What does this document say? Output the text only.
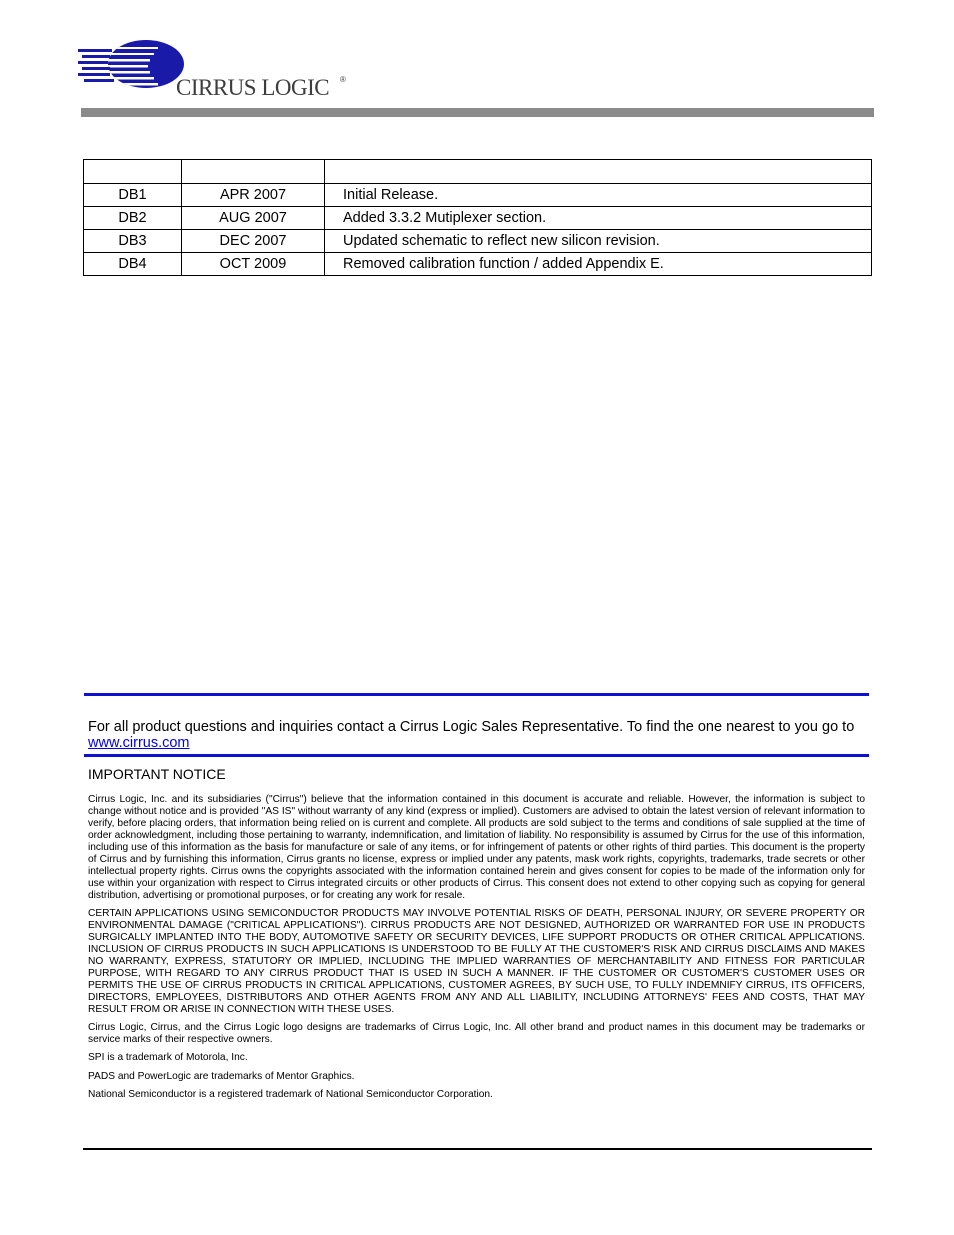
CIRRUS LOGIC ®

DB1	APR 2007	Initial Release.
DB2	AUG 2007	Added 3.3.2 Mutiplexer section.
DB3	DEC 2007	Updated schematic to reflect new silicon revision.
DB4	OCT 2009	Removed calibration function / added Appendix E.
For all product questions and inquiries contact a Cirrus Logic Sales Representative. To find the one nearest to you go to www.cirrus.com
IMPORTANT NOTICE

Cirrus Logic, Inc. and its subsidiaries ("Cirrus") believe that the information contained in this document is accurate and reliable. However, the information is subject to change without notice and is provided "AS IS" without warranty of any kind (express or implied). Customers are advised to obtain the latest version of relevant information to verify, before placing orders, that information being relied on is current and complete. All products are sold subject to the terms and conditions of sale supplied at the time of order acknowledgment, including those pertaining to warranty, indemnification, and limitation of liability. No responsibility is assumed by Cirrus for the use of this information, including use of this information as the basis for manufacture or sale of any items, or for infringement of patents or other rights of third parties. This document is the property of Cirrus and by furnishing this information, Cirrus grants no license, express or implied under any patents, mask work rights, copyrights, trademarks, trade secrets or other intellectual property rights. Cirrus owns the copyrights associated with the information contained herein and gives consent for copies to be made of the information only for use within your organization with respect to Cirrus integrated circuits or other products of Cirrus. This consent does not extend to other copying such as copying for general distribution, advertising or promotional purposes, or for creating any work for resale.

CERTAIN APPLICATIONS USING SEMICONDUCTOR PRODUCTS MAY INVOLVE POTENTIAL RISKS OF DEATH, PERSONAL INJURY, OR SEVERE PROPERTY OR ENVIRONMENTAL DAMAGE ("CRITICAL APPLICATIONS"). CIRRUS PRODUCTS ARE NOT DESIGNED, AUTHORIZED OR WARRANTED FOR USE IN PRODUCTS SURGICALLY IMPLANTED INTO THE BODY, AUTOMOTIVE SAFETY OR SECURITY DEVICES, LIFE SUPPORT PRODUCTS OR OTHER CRITICAL APPLICATIONS. INCLUSION OF CIRRUS PRODUCTS IN SUCH APPLICATIONS IS UNDERSTOOD TO BE FULLY AT THE CUSTOMER'S RISK AND CIRRUS DISCLAIMS AND MAKES NO WARRANTY, EXPRESS, STATUTORY OR IMPLIED, INCLUDING THE IMPLIED WARRANTIES OF MERCHANTABILITY AND FITNESS FOR PARTICULAR PURPOSE, WITH REGARD TO ANY CIRRUS PRODUCT THAT IS USED IN SUCH A MANNER. IF THE CUSTOMER OR CUSTOMER'S CUSTOMER USES OR PERMITS THE USE OF CIRRUS PRODUCTS IN CRITICAL APPLICATIONS, CUSTOMER AGREES, BY SUCH USE, TO FULLY INDEMNIFY CIRRUS, ITS OFFICERS, DIRECTORS, EMPLOYEES, DISTRIBUTORS AND OTHER AGENTS FROM ANY AND ALL LIABILITY, INCLUDING ATTORNEYS' FEES AND COSTS, THAT MAY RESULT FROM OR ARISE IN CONNECTION WITH THESE USES.

Cirrus Logic, Cirrus, and the Cirrus Logic logo designs are trademarks of Cirrus Logic, Inc. All other brand and product names in this document may be trademarks or service marks of their respective owners.

SPI is a trademark of Motorola, Inc.

PADS and PowerLogic are trademarks of Mentor Graphics.

National Semiconductor is a registered trademark of National Semiconductor Corporation.
